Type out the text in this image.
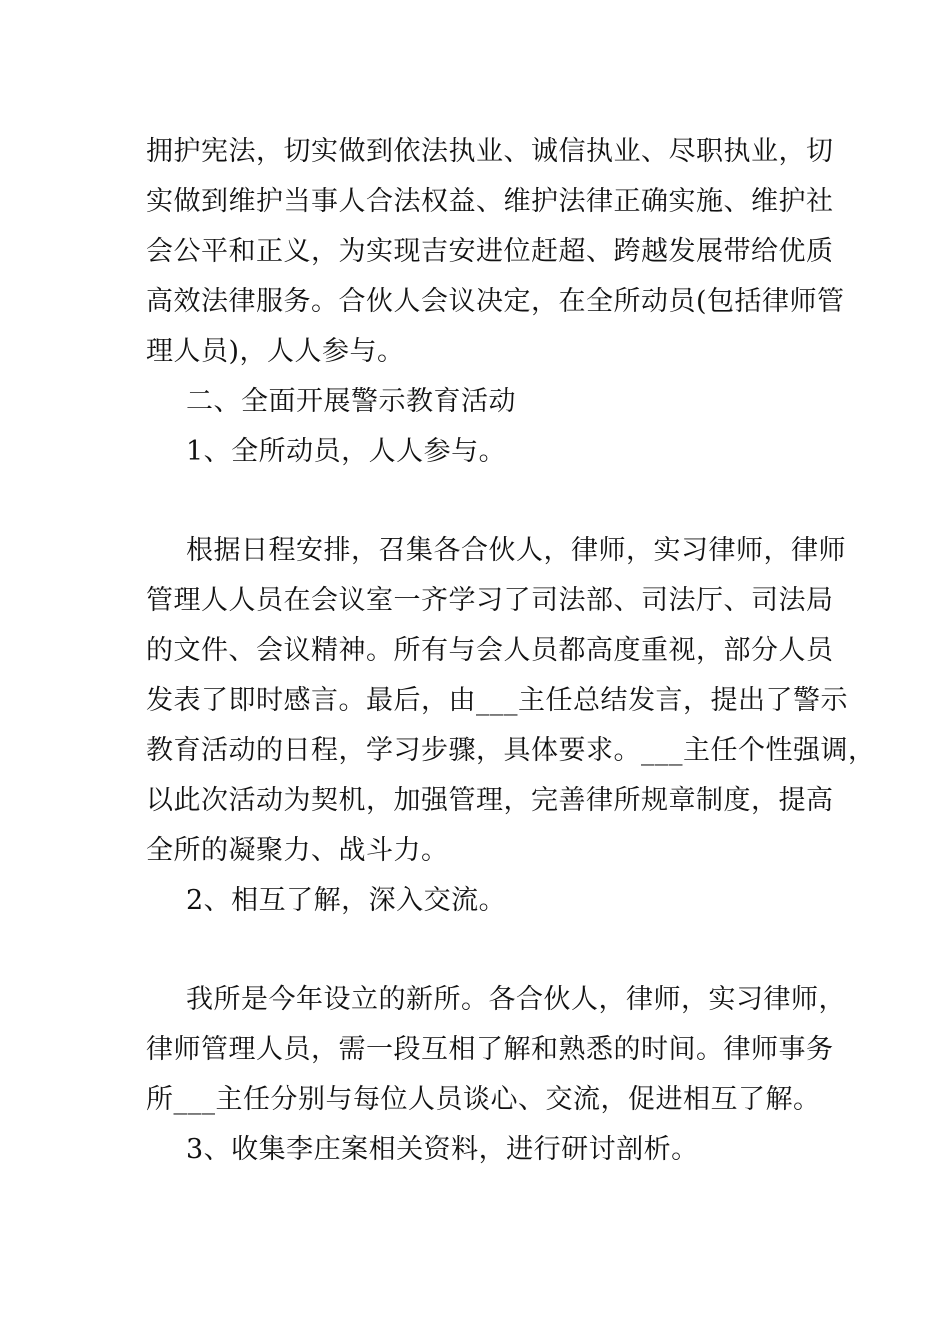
拥护宪法，切实做到依法执业、诚信执业、尽职执业，切
实做到维护当事人合法权益、维护法律正确实施、维护社
会公平和正义，为实现吉安进位赶超、跨越发展带给优质
高效法律服务。合伙人会议决定，在全所动员(包括律师管
理人员)，人人参与。
二、全面开展警示教育活动
1、全所动员，人人参与。
根据日程安排，召集各合伙人，律师，实习律师，律师
管理人人员在会议室一齐学习了司法部、司法厅、司法局
的文件、会议精神。所有与会人员都高度重视，部分人员
发表了即时感言。最后，由___主任总结发言，提出了警示
教育活动的日程，学习步骤，具体要求。___主任个性强调，
以此次活动为契机，加强管理，完善律所规章制度，提高
全所的凝聚力、战斗力。
2、相互了解，深入交流。
我所是今年设立的新所。各合伙人，律师，实习律师，
律师管理人员，需一段互相了解和熟悉的时间。律师事务
所___主任分别与每位人员谈心、交流，促进相互了解。
3、收集李庄案相关资料，进行研讨剖析。
